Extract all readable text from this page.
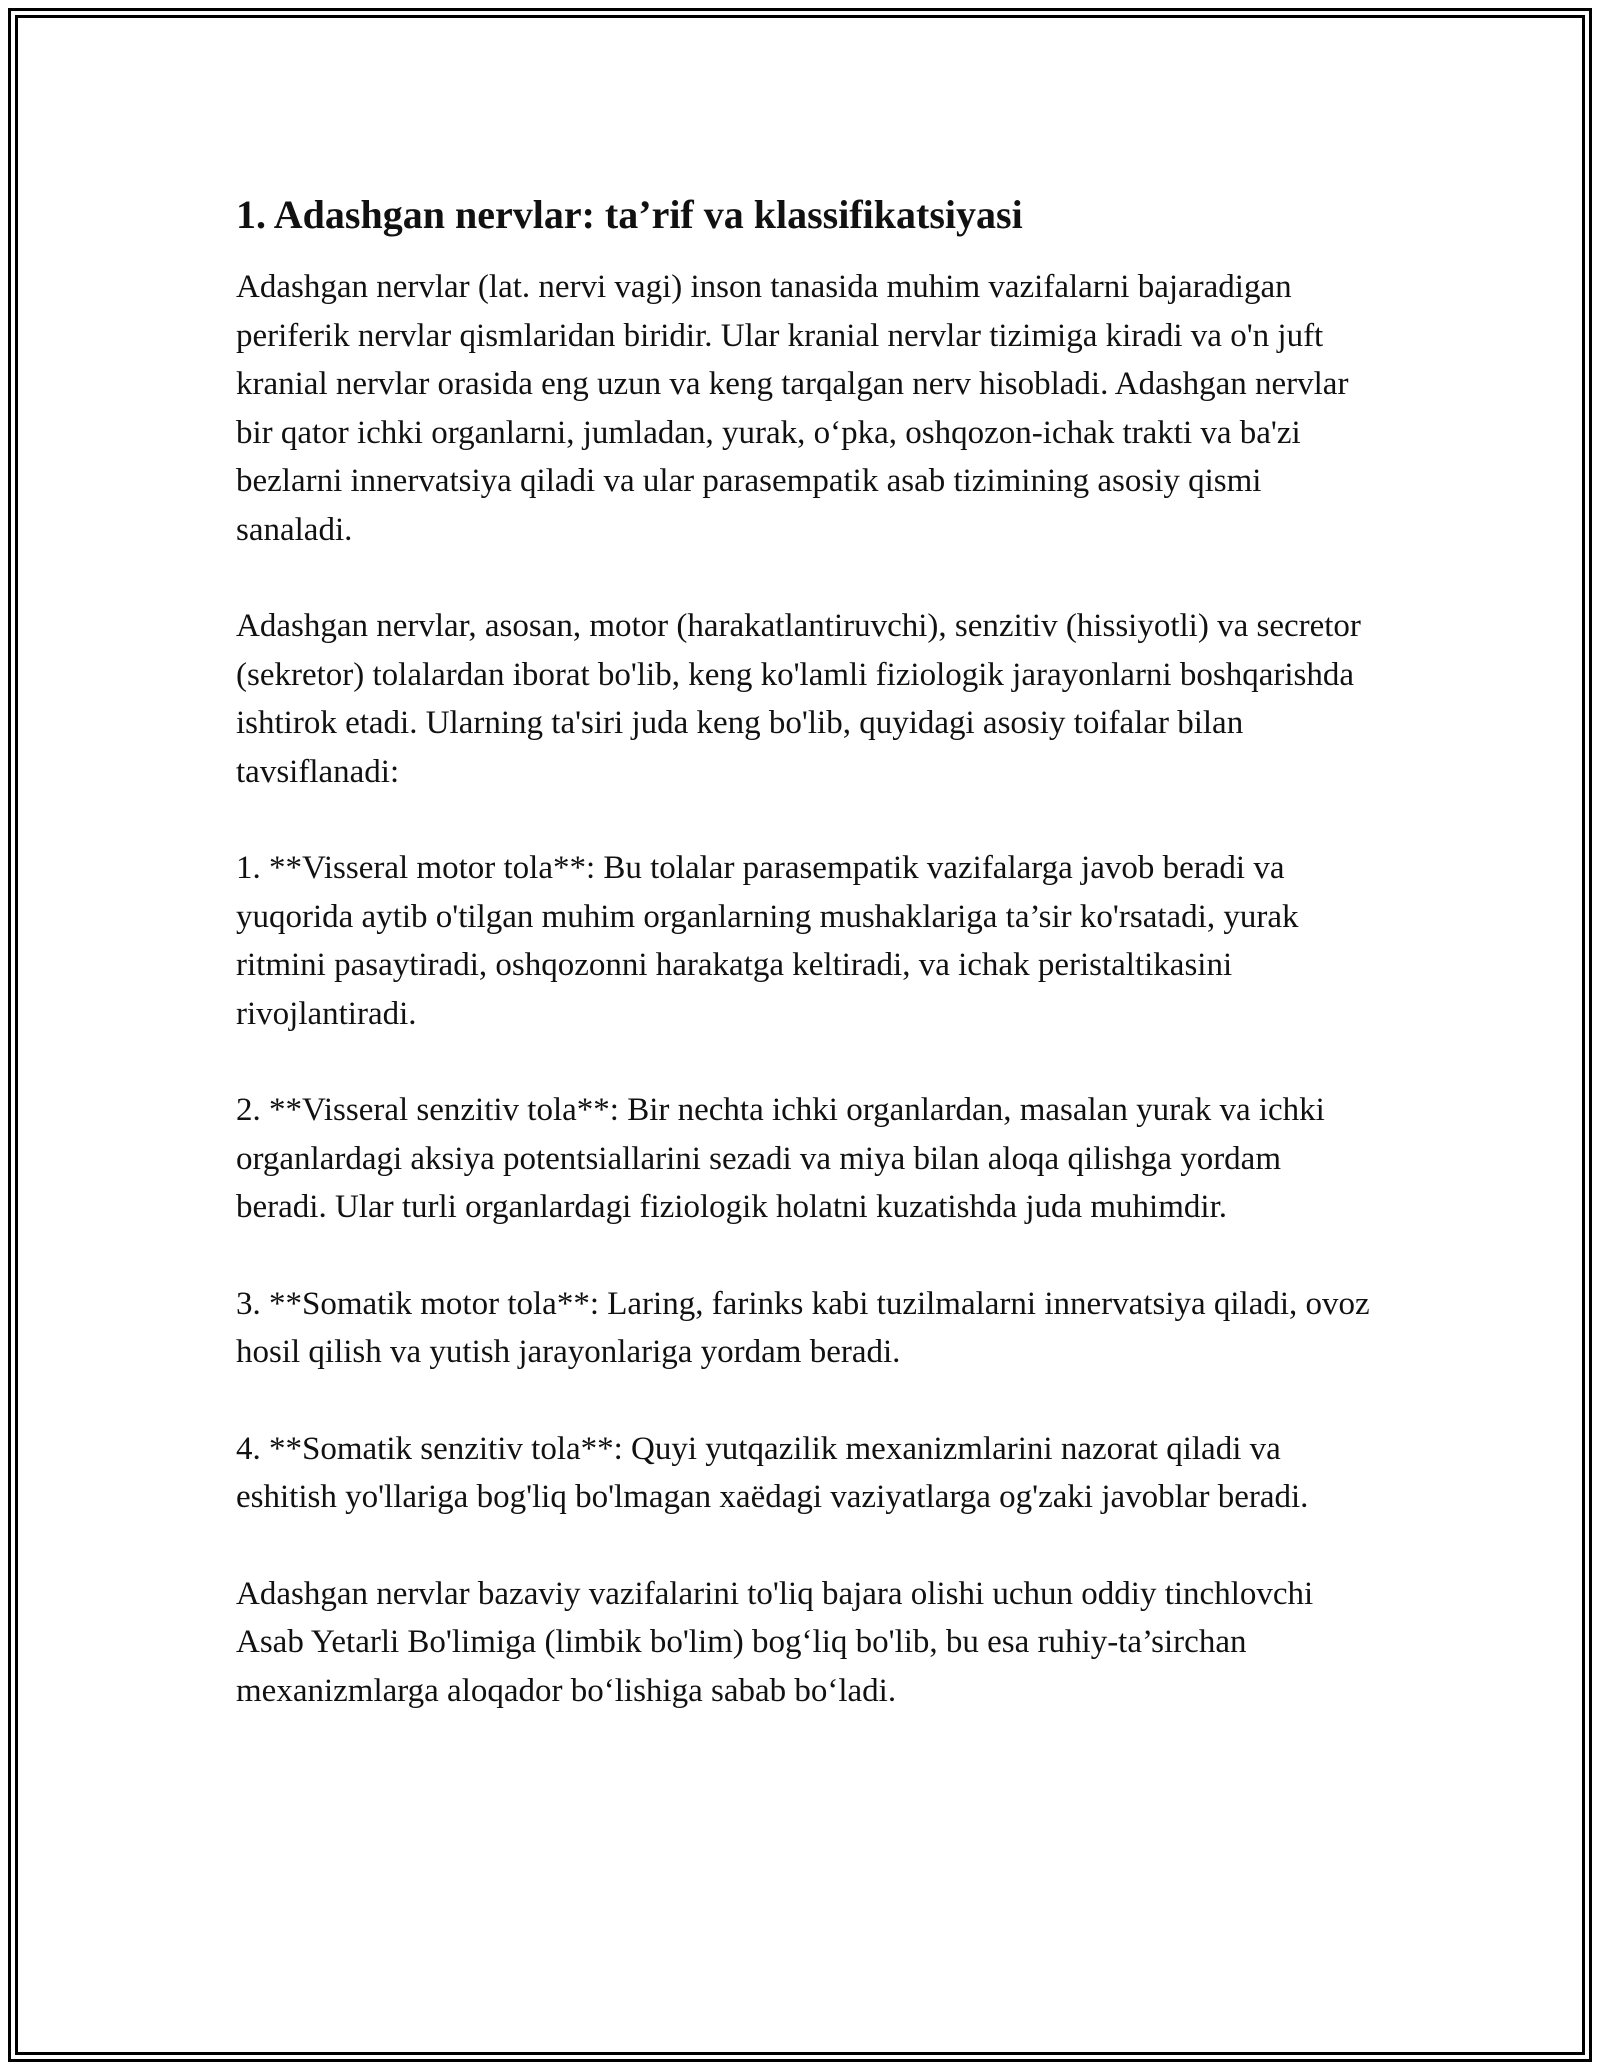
1. Adashgan nervlar: ta’rif va klassifikatsiyasi

Adashgan nervlar (lat. nervi vagi) inson tanasida muhim vazifalarni bajaradigan periferik nervlar qismlaridan biridir. Ular kranial nervlar tizimiga kiradi va o'n juft kranial nervlar orasida eng uzun va keng tarqalgan nerv hisobladi. Adashgan nervlar bir qator ichki organlarni, jumladan, yurak, o‘pka, oshqozon-ichak trakti va ba'zi bezlarni innervatsiya qiladi va ular parasempatik asab tizimining asosiy qismi sanaladi.

Adashgan nervlar, asosan, motor (harakatlantiruvchi), senzitiv (hissiyotli) va secretor (sekretor) tolalardan iborat bo'lib, keng ko'lamli fiziologik jarayonlarni boshqarishda ishtirok etadi. Ularning ta'siri juda keng bo'lib, quyidagi asosiy toifalar bilan tavsiflanadi:

1. **Visseral motor tola**: Bu tolalar parasempatik vazifalarga javob beradi va yuqorida aytib o'tilgan muhim organlarning mushaklariga ta’sir ko'rsatadi, yurak ritmini pasaytiradi, oshqozonni harakatga keltiradi, va ichak peristaltikasini rivojlantiradi.

2. **Visseral senzitiv tola**: Bir nechta ichki organlardan, masalan yurak va ichki organlardagi aksiya potentsiallarini sezadi va miya bilan aloqa qilishga yordam beradi. Ular turli organlardagi fiziologik holatni kuzatishda juda muhimdir.

3. **Somatik motor tola**: Laring, farinks kabi tuzilmalarni innervatsiya qiladi, ovoz hosil qilish va yutish jarayonlariga yordam beradi.

4. **Somatik senzitiv tola**: Quyi yutqazilik mexanizmlarini nazorat qiladi va eshitish yo'llariga bog'liq bo'lmagan xaëdagi vaziyatlarga og'zaki javoblar beradi.

Adashgan nervlar bazaviy vazifalarini to'liq bajara olishi uchun oddiy tinchlovchi Asab Yetarli Bo'limiga (limbik bo'lim) bog‘liq bo'lib, bu esa ruhiy-ta’sirchan mexanizmlarga aloqador bo‘lishiga sabab bo‘ladi.
